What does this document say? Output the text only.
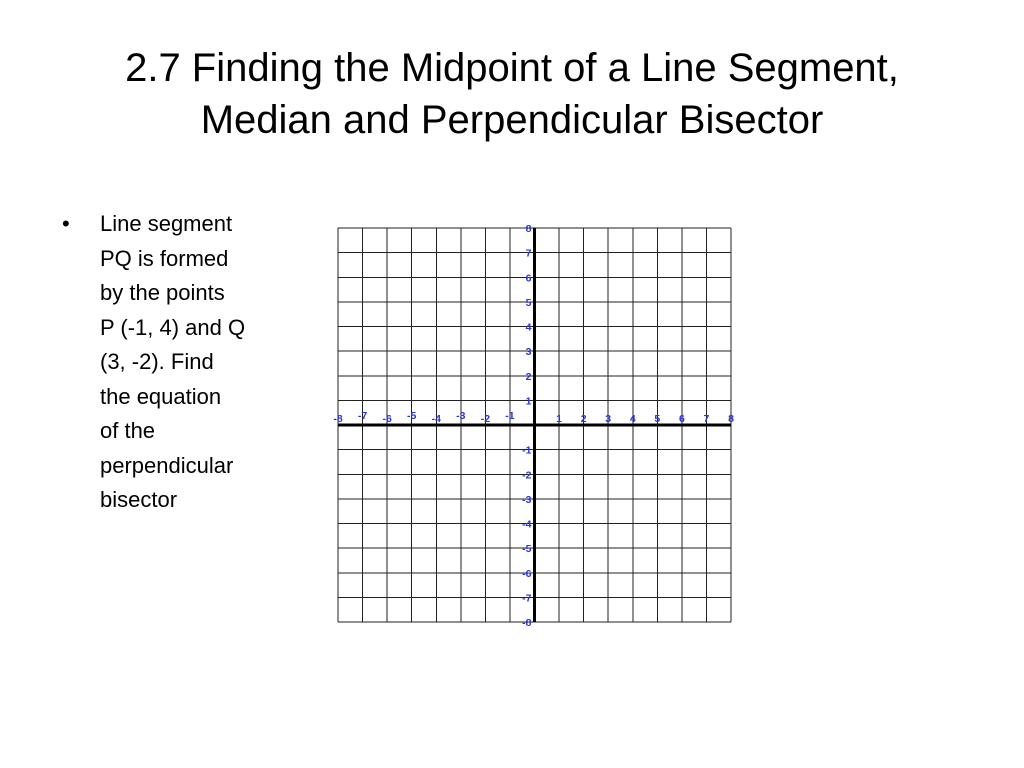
2.7 Finding the Midpoint of a Line Segment,
Median and Perpendicular Bisector
• Line segment
PQ is formed
by the points
P (-1, 4) and Q
(3, -2). Find
the equation
of the
perpendicular
bisector
-8 -7 -6 -5 -4 -3 -2 -1	1 2 3 4 5 6 7 8
8
7
6
5
4
3
2
1
-1
-2
-3
-4
-5
-6
-7
-8
